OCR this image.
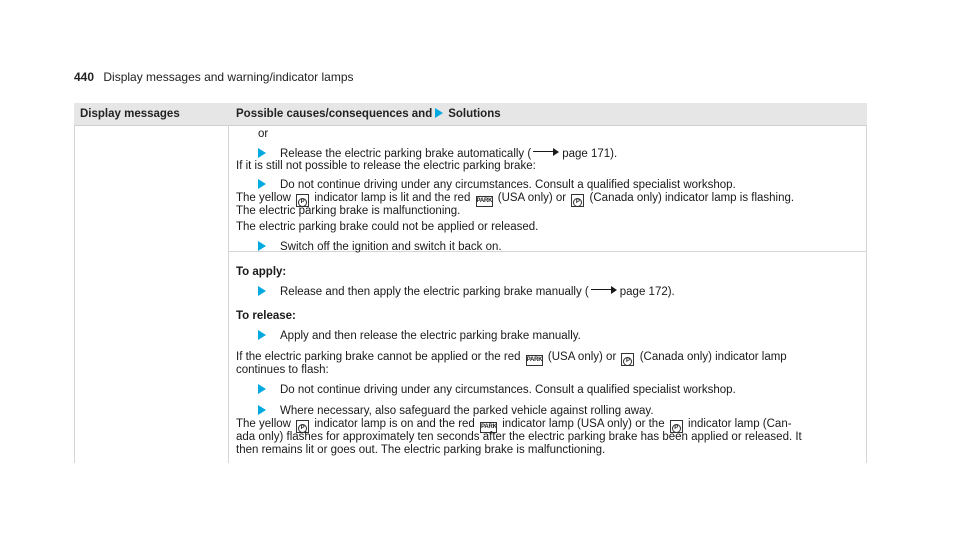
440 Display messages and warning/indicator lamps
Display messages	Possible causes/consequences and Solutions
or
Release the electric parking brake automatically (	page 171).
If it is still not possible to release the electric parking brake:
Do not continue driving under any circumstances. Consult a qualified specialist workshop.
The yellow P indicator lamp is lit and the red PARK (USA only) or P (Canada only) indicator lamp is flashing.
The electric parking brake is malfunctioning.
The electric parking brake could not be applied or released.
Switch off the ignition and switch it back on.
To apply:
Release and then apply the electric parking brake manually (	page 172).
To release:
Apply and then release the electric parking brake manually.
If the electric parking brake cannot be applied or the red PARK (USA only) or P (Canada only) indicator lamp
continues to flash:
Do not continue driving under any circumstances. Consult a qualified specialist workshop.
Where necessary, also safeguard the parked vehicle against rolling away.
The yellow P indicator lamp is on and the red PARK indicator lamp (USA only) or the P indicator lamp (Can-
ada only) flashes for approximately ten seconds after the electric parking brake has been applied or released. It
then remains lit or goes out. The electric parking brake is malfunctioning.
